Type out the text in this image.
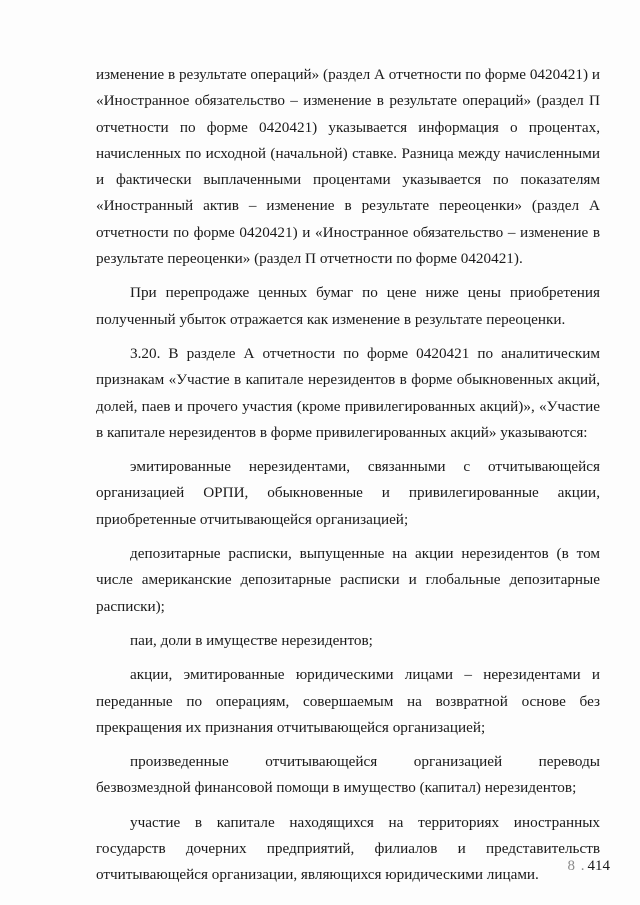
изменение в результате операций» (раздел А отчетности по форме 0420421) и «Иностранное обязательство – изменение в результате операций» (раздел П отчетности по форме 0420421) указывается информация о процентах, начисленных по исходной (начальной) ставке. Разница между начисленными и фактически выплаченными процентами указывается по показателям «Иностранный актив – изменение в результате переоценки» (раздел А отчетности по форме 0420421) и «Иностранное обязательство – изменение в результате переоценки» (раздел П отчетности по форме 0420421).

При перепродаже ценных бумаг по цене ниже цены приобретения полученный убыток отражается как изменение в результате переоценки.

3.20. В разделе А отчетности по форме 0420421 по аналитическим признакам «Участие в капитале нерезидентов в форме обыкновенных акций, долей, паев и прочего участия (кроме привилегированных акций)», «Участие в капитале нерезидентов в форме привилегированных акций» указываются:

эмитированные нерезидентами, связанными с отчитывающейся организацией ОРПИ, обыкновенные и привилегированные акции, приобретенные отчитывающейся организацией;

депозитарные расписки, выпущенные на акции нерезидентов (в том числе американские депозитарные расписки и глобальные депозитарные расписки);

паи, доли в имуществе нерезидентов;

акции, эмитированные юридическими лицами – нерезидентами и переданные по операциям, совершаемым на возвратной основе без прекращения их признания отчитывающейся организацией;

произведенные отчитывающейся организацией переводы безвозмездной финансовой помощи в имущество (капитал) нерезидентов;

участие в капитале находящихся на территориях иностранных государств дочерних предприятий, филиалов и представительств отчитывающейся организации, являющихся юридическими лицами.

8 . 414
